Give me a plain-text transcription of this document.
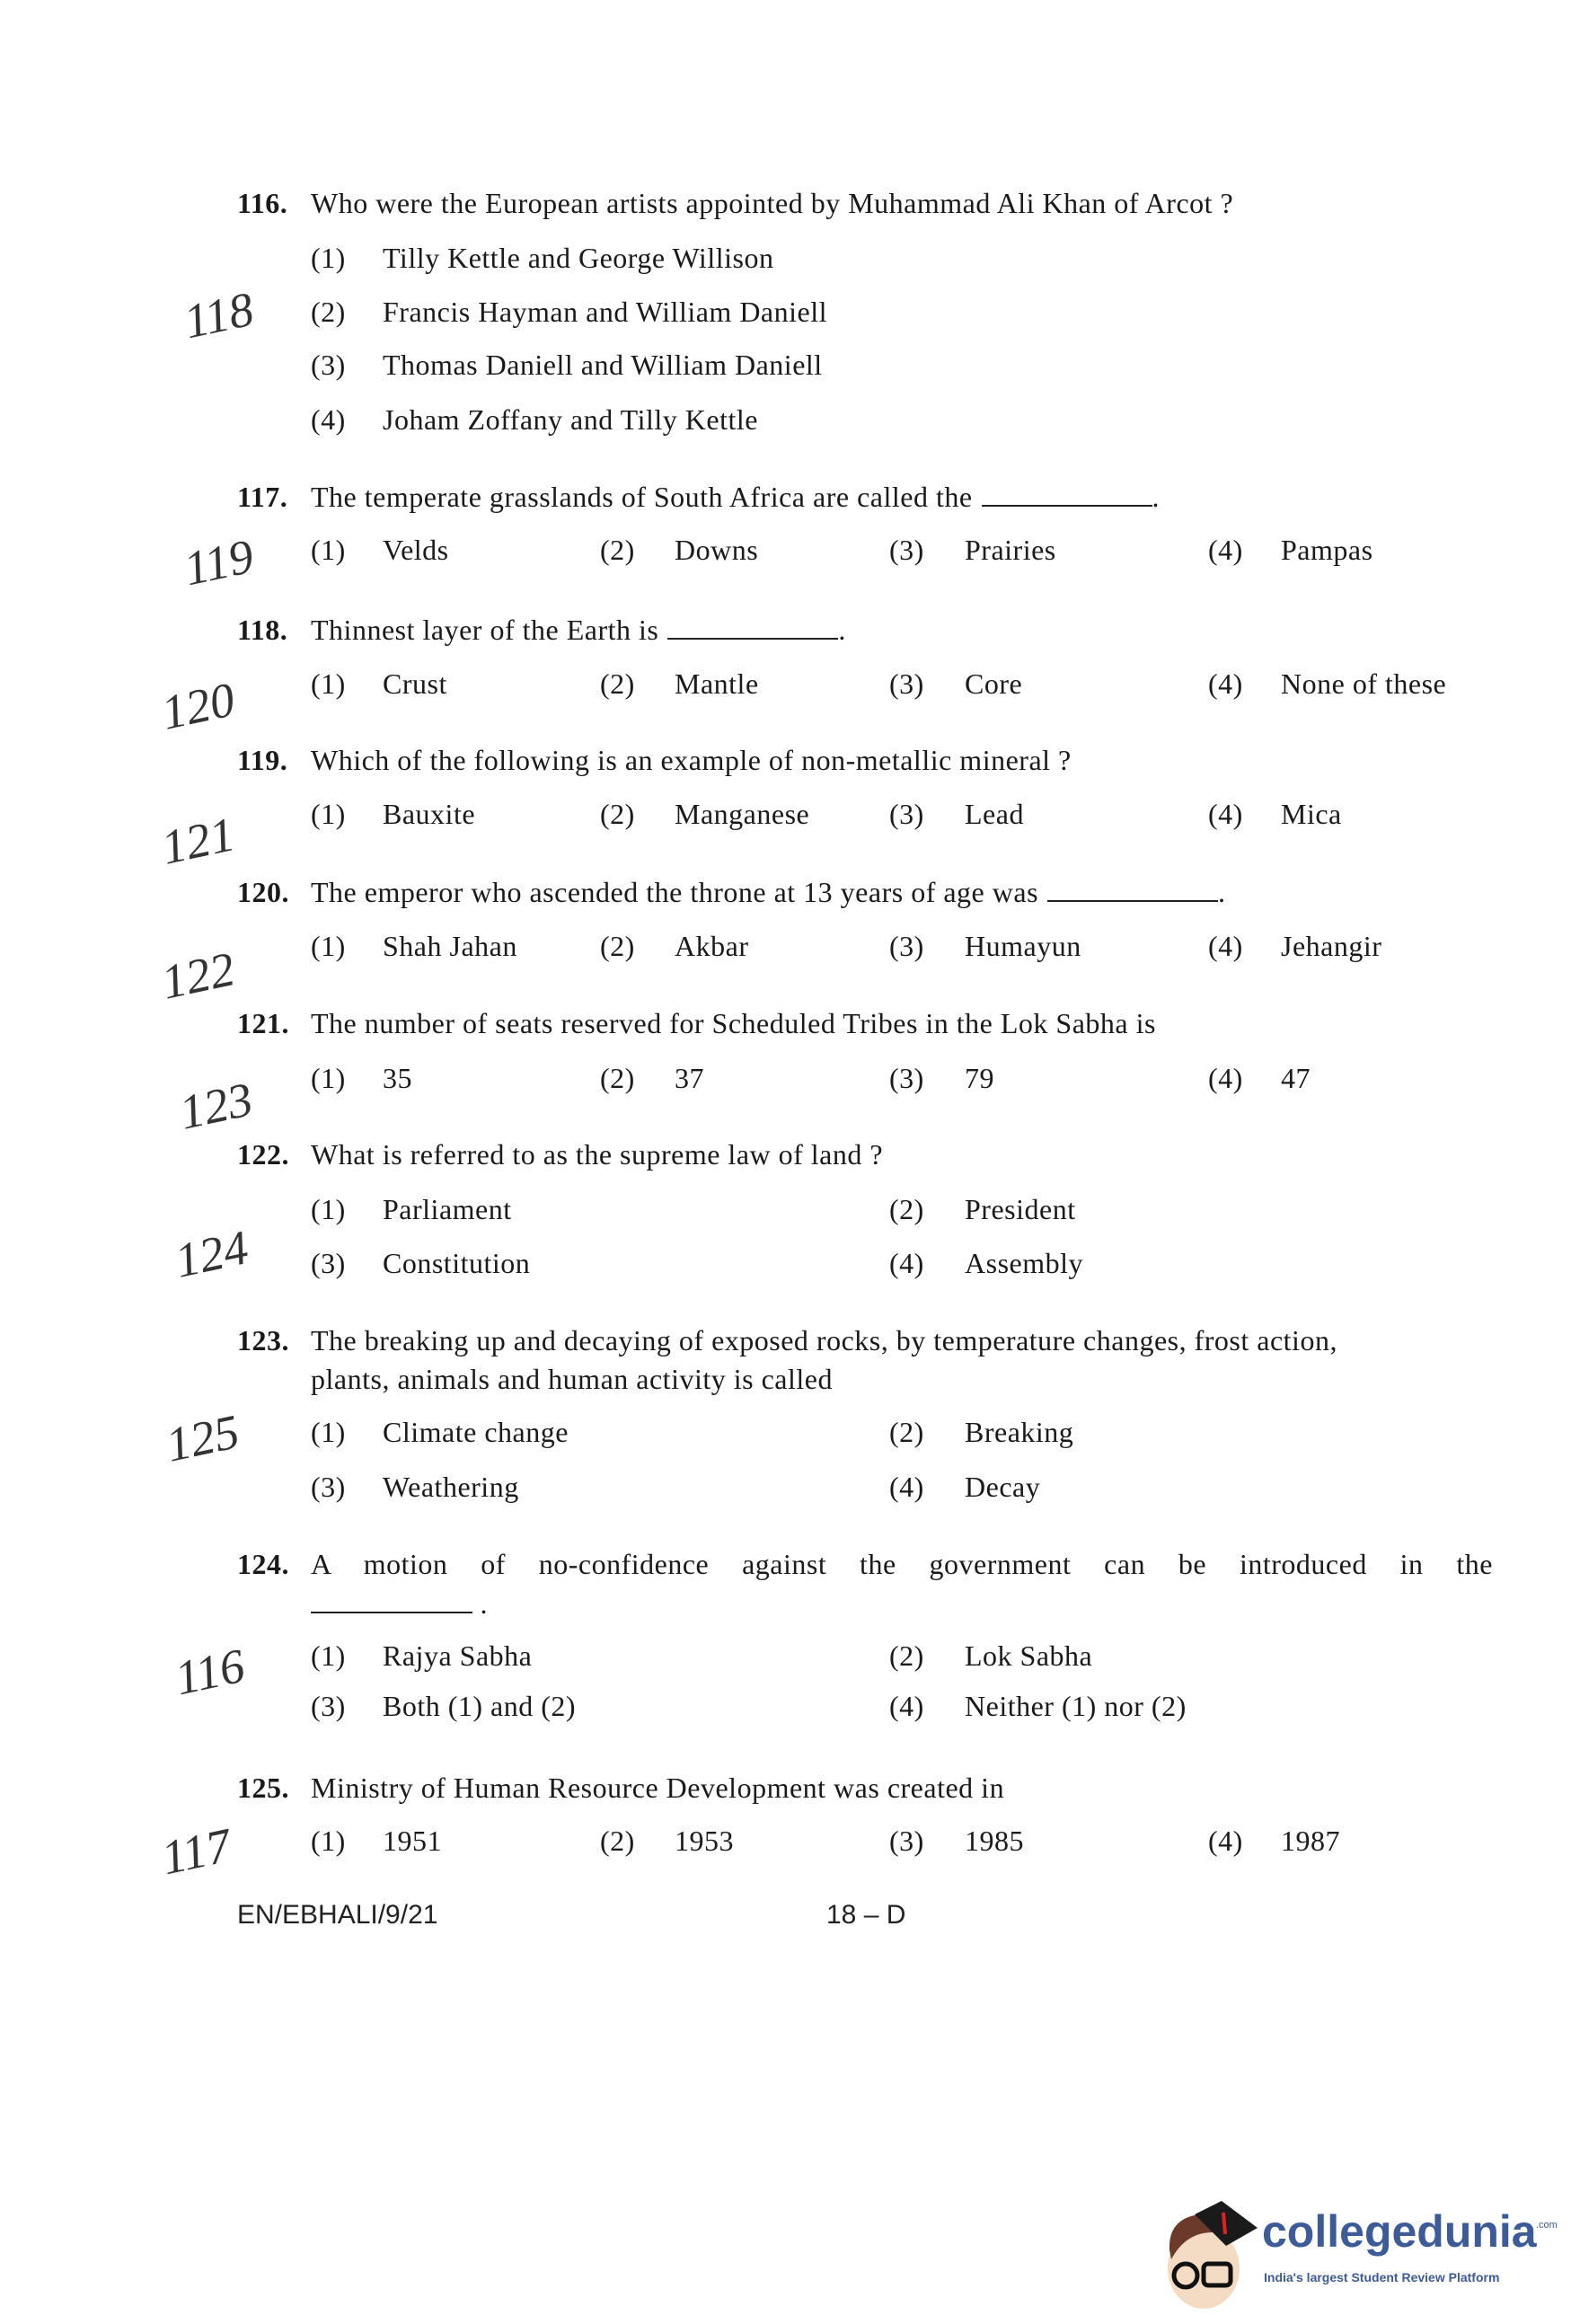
116. Who were the European artists appointed by Muhammad Ali Khan of Arcot ?
(1) Tilly Kettle and George Willison
(2) Francis Hayman and William Daniell
(3) Thomas Daniell and William Daniell
(4) Joham Zoffany and Tilly Kettle
117. The temperate grasslands of South Africa are called the	.
(1) Velds	(2) Downs	(3) Prairies	(4) Pampas
118. Thinnest layer of the Earth is	.
(1) Crust	(2) Mantle	(3) Core	(4) None of these
119. Which of the following is an example of non-metallic mineral ?
(1) Bauxite	(2) Manganese	(3) Lead	(4) Mica
120. The emperor who ascended the throne at 13 years of age was	.
(1) Shah Jahan	(2) Akbar	(3) Humayun	(4) Jehangir
121. The number of seats reserved for Scheduled Tribes in the Lok Sabha is
(1) 35	(2) 37	(3) 79	(4) 47
122. What is referred to as the supreme law of land ?
(1) Parliament	(2) President
(3) Constitution	(4) Assembly
123. The breaking up and decaying of exposed rocks, by temperature changes, frost action,
plants, animals and human activity is called
(1) Climate change	(2) Breaking
(3) Weathering	(4) Decay
124. A motion of no-confidence against the government can be introduced in the
.
(1) Rajya Sabha	(2) Lok Sabha
(3) Both (1) and (2)	(4) Neither (1) nor (2)
125. Ministry of Human Resource Development was created in
(1) 1951	(2) 1953	(3) 1985	(4) 1987
118
119
120
121
122
123
124
125
116
117
EN/EBHALI/9/21	18 – D
collegedunia .com
India's largest Student Review Platform
